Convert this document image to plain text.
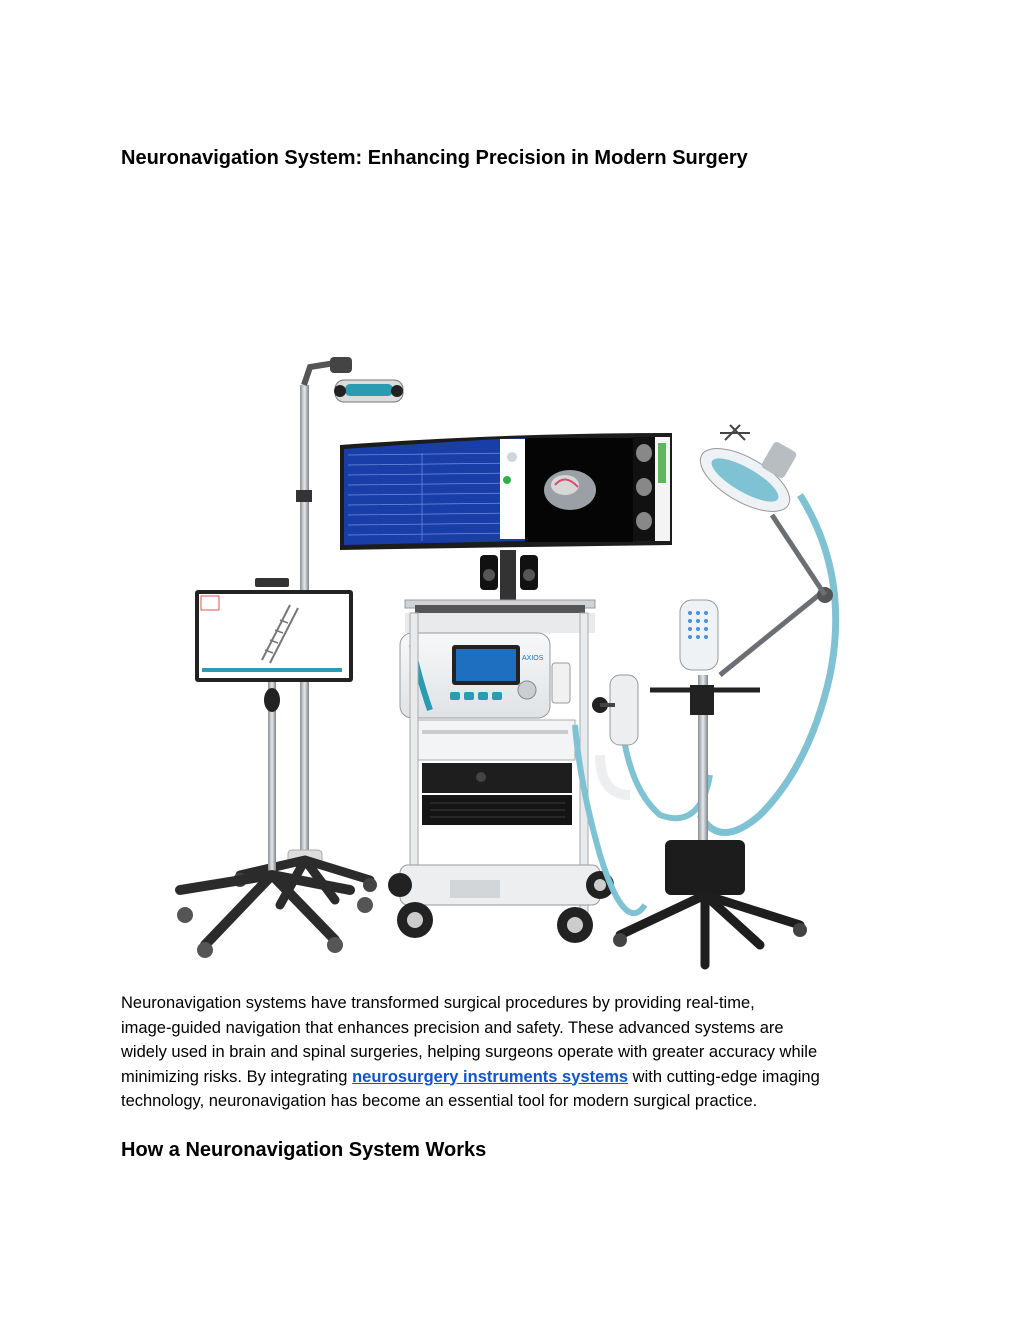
Neuronavigation System: Enhancing Precision in Modern Surgery
AXIOS

Neuronavigation systems have transformed surgical procedures by providing real-time,
image-guided navigation that enhances precision and safety. These advanced systems are
widely used in brain and spinal surgeries, helping surgeons operate with greater accuracy while
minimizing risks. By integrating neurosurgery instruments systems with cutting-edge imaging
technology, neuronavigation has become an essential tool for modern surgical practice.

How a Neuronavigation System Works
